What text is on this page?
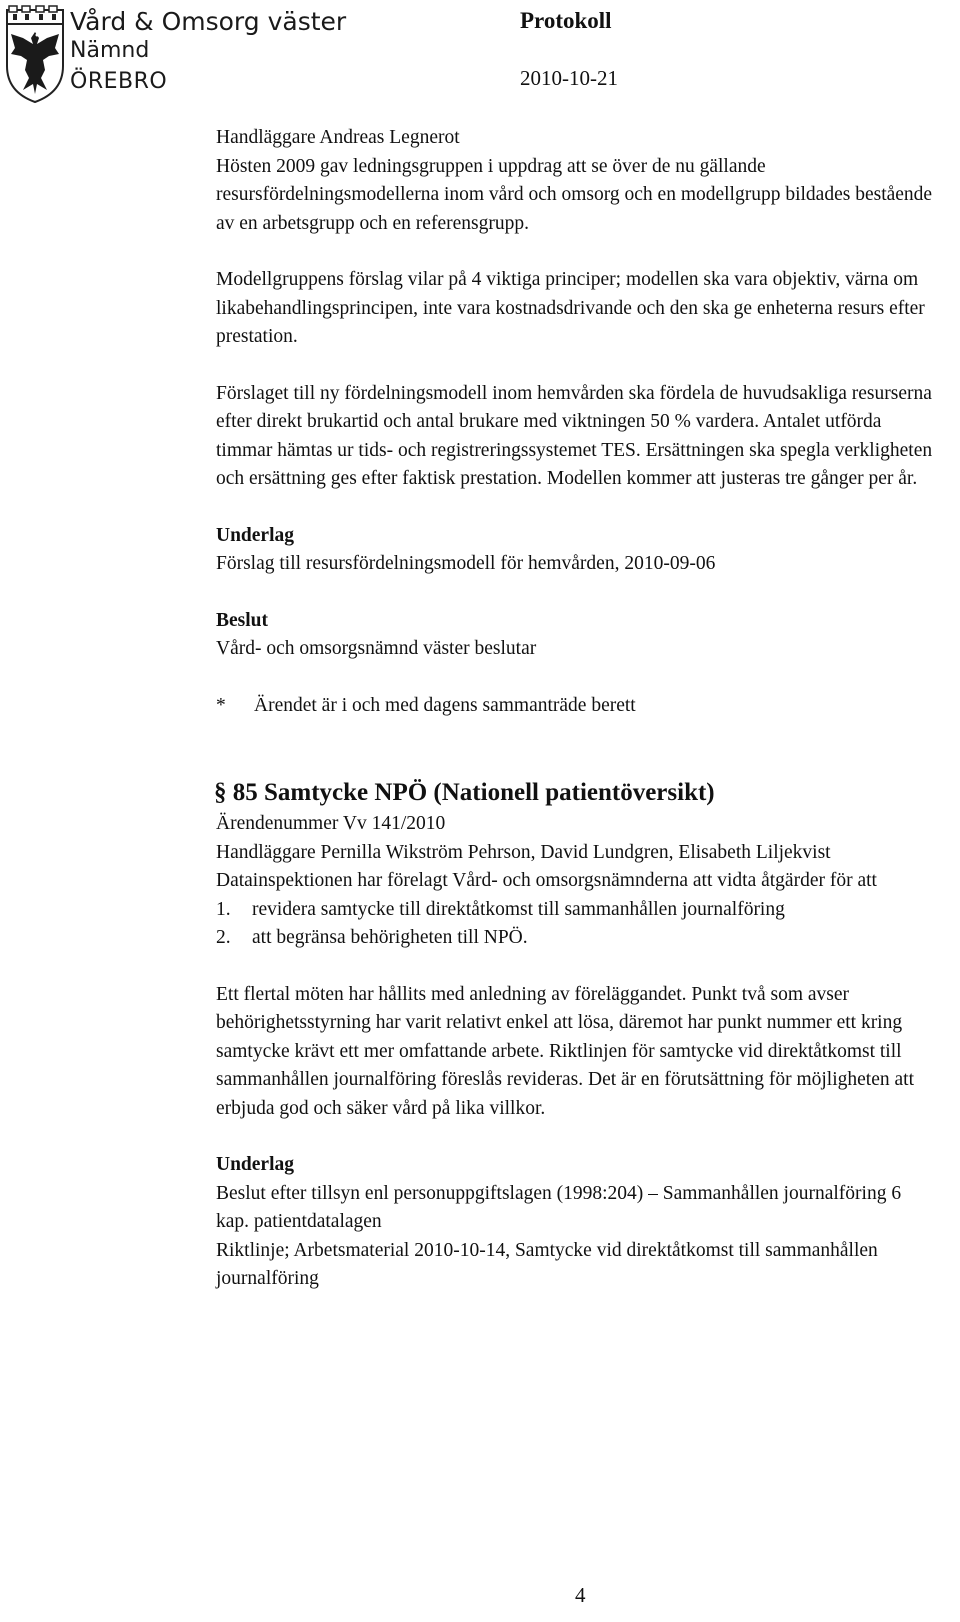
Vård & Omsorg väster
Nämnd
ÖREBRO
Protokoll
2010-10-21

Handläggare Andreas Legnerot

Hösten 2009 gav ledningsgruppen i uppdrag att se över de nu gällande resursfördelningsmodellerna inom vård och omsorg och en modellgrupp bildades bestående av en arbetsgrupp och en referensgrupp.

Modellgruppens förslag vilar på 4 viktiga principer; modellen ska vara objektiv, värna om likabehandlingsprincipen, inte vara kostnadsdrivande och den ska ge enheterna resurs efter prestation.

Förslaget till ny fördelningsmodell inom hemvården ska fördela de huvudsakliga resurserna efter direkt brukartid och antal brukare med viktningen 50 % vardera. Antalet utförda timmar hämtas ur tids- och registreringssystemet TES. Ersättningen ska spegla verkligheten och ersättning ges efter faktisk prestation. Modellen kommer att justeras tre gånger per år.

Underlag

Förslag till resursfördelningsmodell för hemvården, 2010-09-06

Beslut

Vård- och omsorgsnämnd väster beslutar

*	Ärendet är i och med dagens sammanträde berett

§ 85 Samtycke NPÖ (Nationell patientöversikt)

Ärendenummer Vv 141/2010

Handläggare Pernilla Wikström Pehrson, David Lundgren, Elisabeth Liljekvist

Datainspektionen har förelagt Vård- och omsorgsnämnderna att vidta åtgärder för att

1.	revidera samtycke till direktåtkomst till sammanhållen journalföring
2.	att begränsa behörigheten till NPÖ.

Ett flertal möten har hållits med anledning av föreläggandet. Punkt två som avser behörighetsstyrning har varit relativt enkel att lösa, däremot har punkt nummer ett kring samtycke krävt ett mer omfattande arbete. Riktlinjen för samtycke vid direktåtkomst till sammanhållen journalföring föreslås revideras. Det är en förutsättning för möjligheten att erbjuda god och säker vård på lika villkor.

Underlag

Beslut efter tillsyn enl personuppgiftslagen (1998:204) – Sammanhållen journalföring 6 kap. patientdatalagen

Riktlinje; Arbetsmaterial 2010-10-14, Samtycke vid direktåtkomst till sammanhållen journalföring

4
